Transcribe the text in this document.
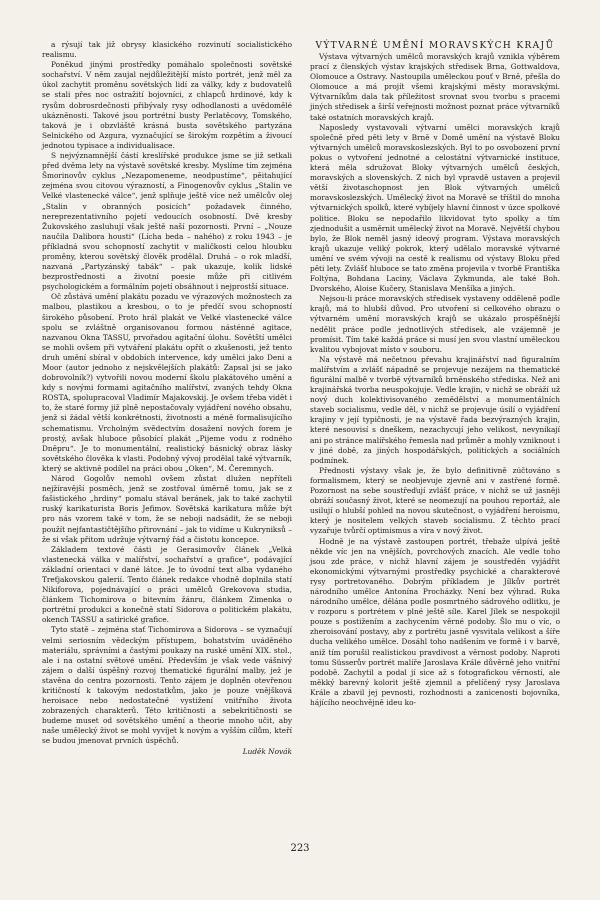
a rýsují tak již obrysy klasického rozvinutí socialistického realismu.

Poněkud jinými prostředky pomáhalo společnosti sovětské sochařství. V něm zaujal nejdůležitější místo portrét, jenž měl za úkol zachytit proměnu sovětských lidí za války, kdy z budovatelů se stali přes noc ostražití bojovníci, z chlapců hrdinové, kdy k rysům dobrosrdečnosti přibývaly rysy odhodlanosti a uvědomělé ukázněnosti. Takové jsou portrétní busty Perlatěcovy, Tomského, taková je i obzvláště krásná busta sovětského partyzána Selnického od Azgura, vyznačující se širokým rozpětím a živoucí jednotou typisace a individualisace.

S nejvýznamnější částí kreslířské produkce jsme se již setkali před dvěma lety na výstavě sovětské kresby. Myslíme tím zejména Šmorinovův cyklus „Nezapomeneme, neodpustíme“, pěitahující zejména svou citovou výrazností, a Finogenovův cyklus „Stalin ve Velké vlastenecké válce“, jenž splňuje ještě více než umělcův olej „Stalin v obranných posicích“ požadavek činného, nereprezentativního pojetí vedoucích osobností. Dvě kresby Žukovského zasluhují však ještě naší pozornosti. První – „Nouze naučila Dalibora housti“ (Lícha beda – nahého) z roku 1943 – je příkladná svou schopností zachytit v maličkosti celou hloubku proměny, kterou sovětský člověk prodělal. Druhá – o rok mladší, nazvaná „Partyzánský tabák“ – pak ukazuje, kolik lidské bezprostřednosti a životní poesie může při citlivém psychologickém a formálním pojetí obsáhnout i nejprostší situace.

Oč zůstává umění plakátu pozadu ve výrazových možnostech za malbou, plastikou a kresbou, o to je předčí svou schopností širokého působení. Proto hrál plakát ve Velké vlastenecké válce spolu se zvláštně organisovanou formou násténné agitace, nazvanou Okna TASSU, prvořadou agitační úlohu. Sovětští umělci se mohli ovšem při vytváření plakátu opřít o zkušenosti, jež tento druh umění sbíral v obdobích intervence, kdy umělci jako Deni a Moor (autor jednoho z nejskvělejších plakátů: Zapsal jsi se jako dobrovolník?) vytvořili novou moderní školu plakátového umění a kdy s novými formami agitačního malířství, zvaných tehdy Okna ROSTA, spolupracoval Vladimír Majakovskij. Je ovšem třeba vidět i to, že staré formy již plně nepostačovaly vyjádření nového obsahu, jenž si žádal větší konkrétnosti, životnosti a méně formalisujícího schematismu. Vrcholným svědectvím dosažení nových forem je prostý, avšak hluboce působící plakát „Pijeme vodu z rodného Dněpru“. Je to monumentální, realistický básnický obraz lásky sovětského člověka k vlasti. Podobný vývoj prodělal také výtvarník, který se aktivně podílel na práci obou „Oken“, M. Čeremnych.

Národ Gogolův nemohl ovšem zůstat dlužen nepříteli nejžíravější posměch, jenž se zostřoval úměrně tomu, jak se z fašistického „hrdiny“ pomalu stával beránek, jak to také zachytil ruský karikaturista Boris Jefimov. Sovětská karikatura může být pro nás vzorem také v tom, že se neboji nadsádit, že se neboji použít nejfantastičtějšího přirovnání – jak to vidíme u Kukryniksů – že si však přitom udržuje výtvarný řád a čistotu koncepce.

Základem textové části je Gerasimovův článek „Velká vlastenecká válka v malířství, sochařství a grafice“, podávající základní orientaci v dané látce. Je to úvodní text alba vydaného Treťjakovskou galerií. Tento článek redakce vhodně doplnila statí Nikiforova, pojednávající o práci umělců Grekovova studia, článkem Tichomirova o bitevním žánru, článkem Zimenka o portrétní produkci a konečně statí Sidorova o politickém plakátu, okench TASSU a satirické grafice.

Tyto statě – zejména stať Tichomirova a Sidorova – se vyznačují velmi seriosním vědeckým přístupem, bohatstvím uváděného materiálu, správními a častými poukazy na ruské umění XIX. stol., ale i na ostatní světové umění. Především je však vede vášnivý zájem o další úspěšný rozvoj thematické figurální malby, jež je stavěna do centra pozornosti. Tento zájem je doplněn otevřenou kritičností k takovým nedostatkům, jako je pouze vnějšková heroisace nebo nedostatečné vystižení vnitřního života zobrazených charakterů. Této kritičnosti a sebekritičnosti se budeme muset od sovětského umění a theorie mnoho učit, aby naše umělecký život se mohl vyvíjet k novým a vyšším cílům, kteří se budou jmenovat prvních úspěchů.

Luděk Novák

VÝTVARNÉ UMĚNÍ MORAVSKÝCH KRAJŮ

Výstava výtvarných umělců moravských krajů vznikla výběrem prací z členských výstav krajských středisek Brna, Gottwaldova, Olomouce a Ostravy. Nastoupila uměleckou pouť v Brně, přešla do Olomouce a má projít všemi krajskými městy moravskými. Výtvarníkům dala tak příležitost srovnat svou tvorbu s pracemi jiných středisek a širší veřejnosti možnost poznat práce výtvarníků také ostatních moravských krajů.

Naposledy vystavovali výtvarní umělci moravských krajů společně před pěti lety v Brně v Domě umění na výstavě Bloku výtvarných umělců moravskoslezských. Byl to po osvobození první pokus o vytvoření jednotné a celostátní výtvarnické instituce, která měla sdružovat Bloky výtvarných umělců českých, moravských a slovenských. Z nich byl vpravdě ustaven a projevil větší životaschopnost jen Blok výtvarných umělců moravskoslezských. Umělecký život na Moravě se tříštil do mnoha výtvarnických spolků, které vybíjely hlavní činnost v úzce spolkové politice. Bloku se nepodařilo likvidovat tyto spolky a tím zjednodušit a usměrnit umělecký život na Moravě. Největší chybou bylo, že Blok neměl jasný ideový program. Výstava moravských krajů ukazuje veliký pokrok, který udělalo moravské výtvarné umění ve svém vývoji na cestě k realismu od výstavy Bloku před pěti lety. Zvlášť hluboce se tato změna projevila v tvorbě Františka Foltýna, Bohdana Laciny, Václava Zykmunda, ale také Boh. Dvorského, Aloise Kučery, Stanislava Menšíka a jiných.

Nejsou-li práce moravských středisek vystaveny odděleně podle krajů, má to hlubší důvod. Pro utvoření si celkového obrazu o výtvarném umění moravských krajů se ukázalo prospěšnější nedělit práce podle jednotlivých středisek, ale vzájemně je promísit. Tím také každá práce si musí jen svou vlastní uměleckou kvalitou vybojovat místo v souboru.

Na výstavě má nečetnou převahu krajinářství nad figuralním malířstvím a zvlášť nápadně se projevuje nezájem na thematické figurální malbě v tvorbě výtvarníků brněnského střediska. Než ani krajinářská tvorba neuspokojuje. Vedle krajin, v nichž se obráží už nový duch kolektivisovaného zemědělství a monumentálních staveb socialismu, vedle děl, v nichž se projevuje úsilí o vyjádření krajiny v její typičnosti, je na výstavě řada bezvýrazných krajin, které nesouvisí s dneškem, nezachycují jeho velikost, nevynikají ani po stránce malířského řemesla nad průměr a mohly vzniknout i v jiné době, za jiných hospodářských, politických a sociálních podmínek.

Přednosti výstavy však je, že bylo definitivně zúčtováno s formalismem, který se neobjevuje zjevně ani v zastřené formě. Pozornost na sebe soustřeďují zvlášť práce, v nichž se už jasněji obráží současný život, které se neomezují na pouhou reportáž, ale usilují o hlubší pohled na novou skutečnost, o vyjádření heroismu, který je nositelem velkých staveb socialismu. Z těchto prací vyzařuje tvůrčí optimismus a víra v nový život.

Hodně je na výstavě zastoupen portrét, třebaže ulpívá ještě někde víc jen na vnějších, povrchových znacích. Ale vedle toho jsou zde práce, v nichž hlavní zájem je soustředěn vyjádřit ekonomickými výtvarnými prostředky psychické a charakterové rysy portretovaného. Dobrým příkladem je Jílkův portrét národního umělce Antonína Procházky. Není bez výhrad. Ruka národního umělce, dělána podle posmrtného sádrového odlitku, je v rozporu s portrétem v plné ještě síle. Karel Jílek se nespokojil pouze s postižením a zachycením věrné podoby. Šlo mu o víc, o zheroisování postavy, aby z portrétu jasně vysvitala velikost a šíře ducha velikého umělce. Dosáhl toho nadšením ve formě i v barvě, aniž tím porušil realistickou pravdivost a věrnost podoby. Naproti tomu Süsserův portrét malíře Jaroslava Krále důvěrně jeho vnitřní podobě. Zachytil a podal jí sice až s fotografickou věrností, ale měkký barevný kolorit ještě zjemnil a přelíčený rysy Jaroslava Krále a zbavil jej pevnosti, rozhodnosti a zanicenosti bojovníka, hájícího neochvějně ideu ko-

223
